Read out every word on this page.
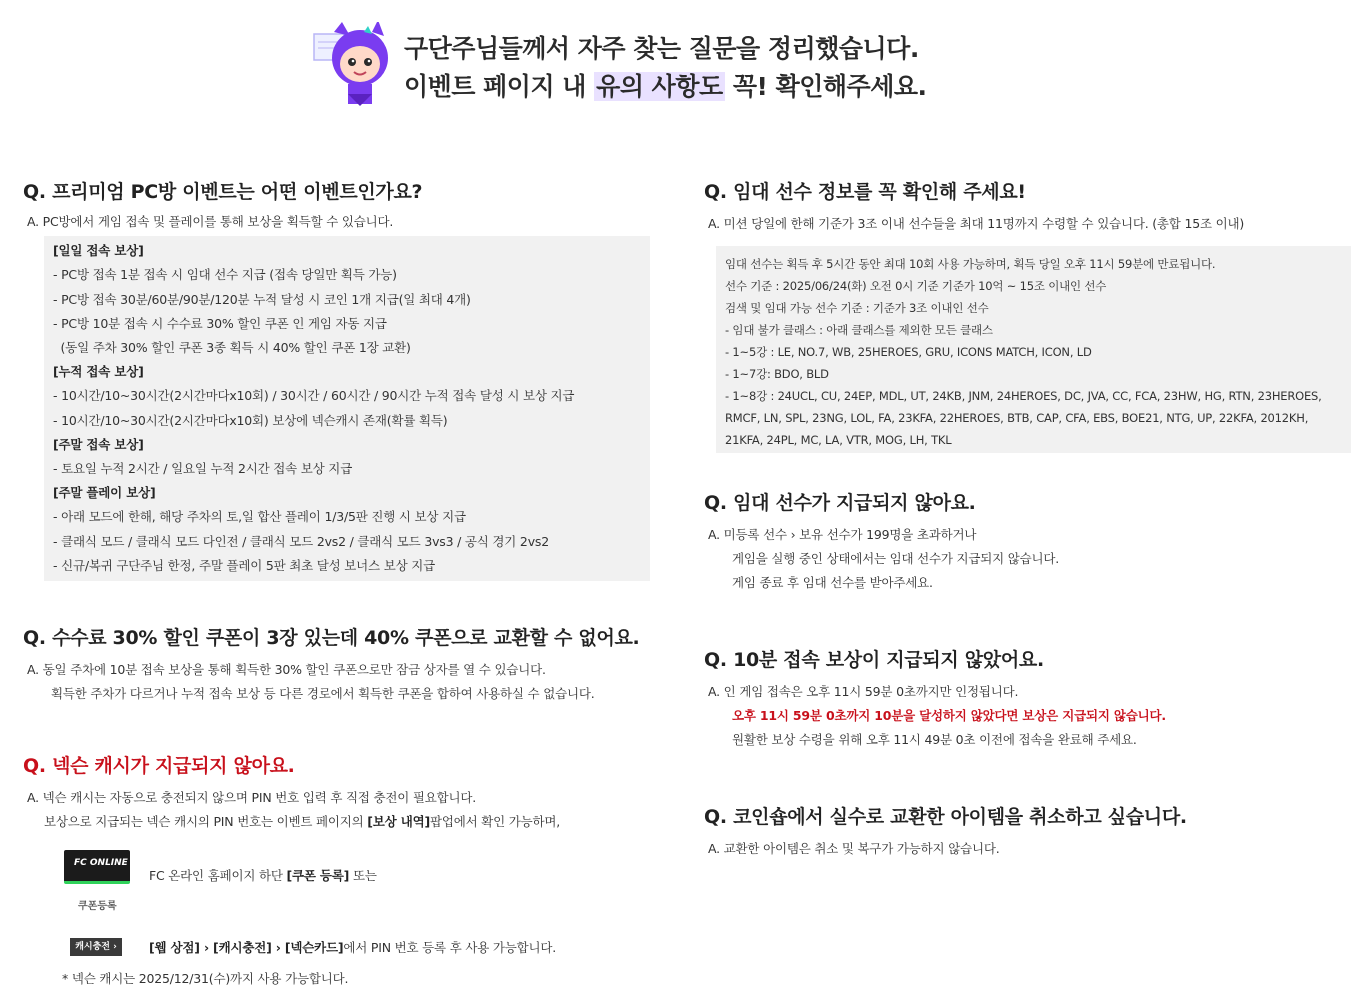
구단주님들께서 자주 찾는 질문을 정리했습니다.
이벤트 페이지 내 유의 사항도 꼭! 확인해주세요.
Q. 프리미엄 PC방 이벤트는 어떤 이벤트인가요?
A. PC방에서 게임 접속 및 플레이를 통해 보상을 획득할 수 있습니다.
[일일 접속 보상]
- PC방 접속 1분 접속 시 임대 선수 지급 (접속 당일만 획득 가능)
- PC방 접속 30분/60분/90분/120분 누적 달성 시 코인 1개 지급(일 최대 4개)
- PC방 10분 접속 시 수수료 30% 할인 쿠폰 인 게임 자동 지급
(동일 주차 30% 할인 쿠폰 3종 획득 시 40% 할인 쿠폰 1장 교환)
[누적 접속 보상]
- 10시간/10~30시간(2시간마다x10회) / 30시간 / 60시간 / 90시간 누적 접속 달성 시 보상 지급
- 10시간/10~30시간(2시간마다x10회) 보상에 넥슨캐시 존재(확률 획득)
[주말 접속 보상]
- 토요일 누적 2시간 / 일요일 누적 2시간 접속 보상 지급
[주말 플레이 보상]
- 아래 모드에 한해, 해당 주차의 토,일 합산 플레이 1/3/5판 진행 시 보상 지급
- 클래식 모드 / 클래식 모드 다인전 / 클래식 모드 2vs2 / 클래식 모드 3vs3 / 공식 경기 2vs2
- 신규/복귀 구단주님 한정, 주말 플레이 5판 최초 달성 보너스 보상 지급
Q. 수수료 30% 할인 쿠폰이 3장 있는데 40% 쿠폰으로 교환할 수 없어요.
A. 동일 주차에 10분 접속 보상을 통해 획득한 30% 할인 쿠폰으로만 잠금 상자를 열 수 있습니다.
획득한 주차가 다르거나 누적 접속 보상 등 다른 경로에서 획득한 쿠폰을 합하여 사용하실 수 없습니다.
Q. 넥슨 캐시가 지급되지 않아요.
A. 넥슨 캐시는 자동으로 충전되지 않으며 PIN 번호 입력 후 직접 충전이 필요합니다.
보상으로 지급되는 넥슨 캐시의 PIN 번호는 이벤트 페이지의 [보상 내역]팝업에서 확인 가능하며,
FC ONLINE
쿠폰등록
FC 온라인 홈페이지 하단 [쿠폰 등록] 또는
캐시충전 ›	[웹 상점] › [캐시충전] › [넥슨카드]에서 PIN 번호 등록 후 사용 가능합니다.
* 넥슨 캐시는 2025/12/31(수)까지 사용 가능합니다.
Q. 임대 선수 정보를 꼭 확인해 주세요!
A. 미션 당일에 한해 기준가 3조 이내 선수들을 최대 11명까지 수령할 수 있습니다. (총합 15조 이내)
임대 선수는 획득 후 5시간 동안 최대 10회 사용 가능하며, 획득 당일 오후 11시 59분에 만료됩니다.
선수 기준 : 2025/06/24(화) 오전 0시 기준 기준가 10억 ~ 15조 이내인 선수
검색 및 임대 가능 선수 기준 : 기준가 3조 이내인 선수
- 임대 불가 클래스 : 아래 클래스를 제외한 모든 클래스
- 1~5강 : LE, NO.7, WB, 25HEROES, GRU, ICONS MATCH, ICON, LD
- 1~7강: BDO, BLD
- 1~8강 : 24UCL, CU, 24EP, MDL, UT, 24KB, JNM, 24HEROES, DC, JVA, CC, FCA, 23HW, HG, RTN, 23HEROES,
RMCF, LN, SPL, 23NG, LOL, FA, 23KFA, 22HEROES, BTB, CAP, CFA, EBS, BOE21, NTG, UP, 22KFA, 2012KH,
21KFA, 24PL, MC, LA, VTR, MOG, LH, TKL
Q. 임대 선수가 지급되지 않아요.
A. 미등록 선수 › 보유 선수가 199명을 초과하거나
게임을 실행 중인 상태에서는 임대 선수가 지급되지 않습니다.
게임 종료 후 임대 선수를 받아주세요.
Q. 10분 접속 보상이 지급되지 않았어요.
A. 인 게임 접속은 오후 11시 59분 0초까지만 인정됩니다.
오후 11시 59분 0초까지 10분을 달성하지 않았다면 보상은 지급되지 않습니다.
원활한 보상 수령을 위해 오후 11시 49분 0초 이전에 접속을 완료해 주세요.
Q. 코인숍에서 실수로 교환한 아이템을 취소하고 싶습니다.
A. 교환한 아이템은 취소 및 복구가 가능하지 않습니다.
